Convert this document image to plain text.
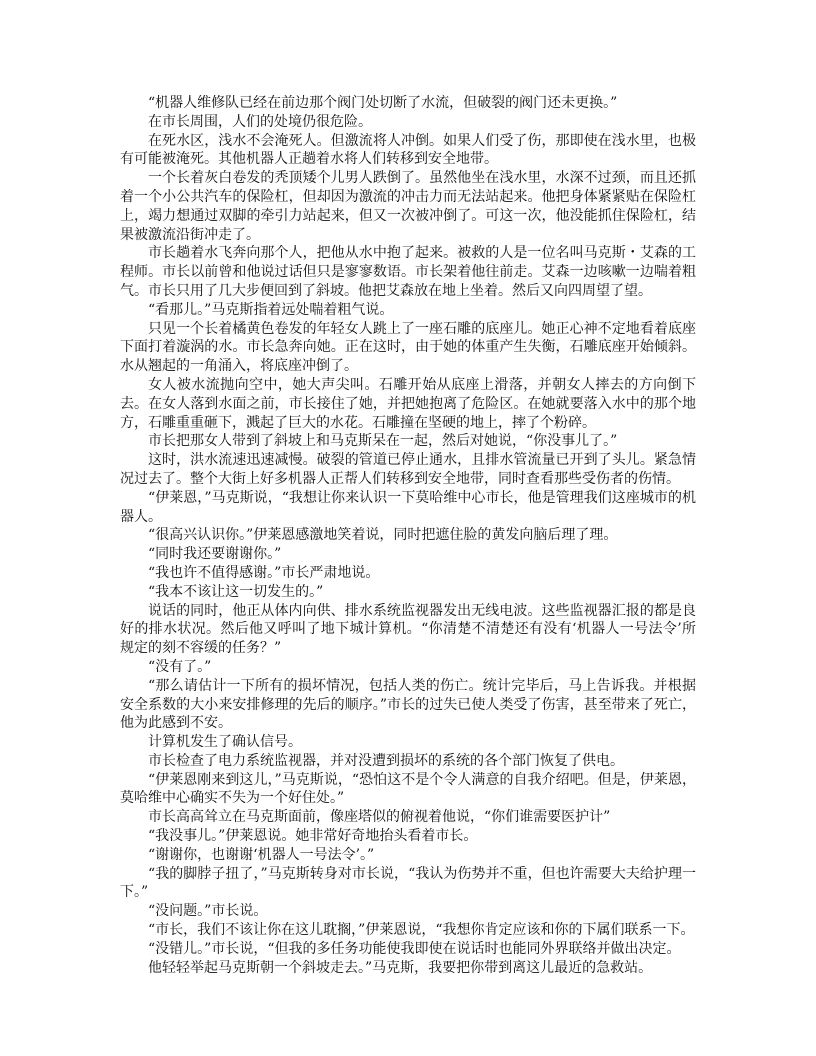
“机器人维修队已经在前边那个阀门处切断了水流，但破裂的阀门还未更换。”

在市长周围，人们的处境仍很危险。

在死水区，浅水不会淹死人。但激流将人冲倒。如果人们受了伤，那即使在浅水里，也极有可能被淹死。其他机器人正趟着水将人们转移到安全地带。

一个长着灰白卷发的秃顶矮个儿男人跌倒了。虽然他坐在浅水里，水深不过颈，而且还抓着一个小公共汽车的保险杠，但却因为激流的冲击力而无法站起来。他把身体紧紧贴在保险杠上，竭力想通过双脚的牵引力站起来，但又一次被冲倒了。可这一次，他没能抓住保险杠，结果被激流沿街冲走了。

市长趟着水飞奔向那个人，把他从水中抱了起来。被救的人是一位名叫马克斯・艾森的工程师。市长以前曾和他说过话但只是寥寥数语。市长架着他往前走。艾森一边咳嗽一边喘着粗气。市长只用了几大步便回到了斜坡。他把艾森放在地上坐着。然后又向四周望了望。

“看那儿。”马克斯指着远处喘着粗气说。

只见一个长着橘黄色卷发的年轻女人跳上了一座石雕的底座儿。她正心神不定地看着底座下面打着漩涡的水。市长急奔向她。正在这时，由于她的体重产生失衡，石雕底座开始倾斜。水从翘起的一角涌入，将底座冲倒了。

女人被水流抛向空中，她大声尖叫。石雕开始从底座上滑落，并朝女人摔去的方向倒下去。在女人落到水面之前，市长接住了她，并把她抱离了危险区。在她就要落入水中的那个地方，石雕重重砸下，溅起了巨大的水花。石雕撞在坚硬的地上，摔了个粉碎。

市长把那女人带到了斜坡上和马克斯呆在一起，然后对她说，“你没事儿了。”

这时，洪水流速迅速减慢。破裂的管道已停止通水，且排水管流量已开到了头儿。紧急情况过去了。整个大街上好多机器人正帮人们转移到安全地带，同时查看那些受伤者的伤情。

“伊莱恩，”马克斯说，“我想让你来认识一下莫哈维中心市长，他是管理我们这座城市的机器人。

“很高兴认识你。”伊莱恩感激地笑着说，同时把遮住脸的黄发向脑后理了理。

“同时我还要谢谢你。”

“我也许不值得感谢。”市长严肃地说。

“我本不该让这一切发生的。”

说话的同时，他正从体内向供、排水系统监视器发出无线电波。这些监视器汇报的都是良好的排水状况。然后他又呼叫了地下城计算机。“你清楚不清楚还有没有‘机器人一号法令’所规定的刻不容缓的任务？”

“没有了。”

“那么请估计一下所有的损坏情况，包括人类的伤亡。统计完毕后，马上告诉我。并根据安全系数的大小来安排修理的先后的顺序。”市长的过失已使人类受了伤害，甚至带来了死亡，他为此感到不安。

计算机发生了确认信号。

市长检查了电力系统监视器，并对没遭到损坏的系统的各个部门恢复了供电。

“伊莱恩刚来到这儿，”马克斯说，“恐怕这不是个令人满意的自我介绍吧。但是，伊莱恩，莫哈维中心确实不失为一个好住处。”

市长高高耸立在马克斯面前，像座塔似的俯视着他说，“你们谁需要医护计”

“我没事儿。”伊莱恩说。她非常好奇地抬头看着市长。

“谢谢你，也谢谢‘机器人一号法令’。”

“我的脚脖子扭了，”马克斯转身对市长说，“我认为伤势并不重，但也许需要大夫给护理一下。”

“没问题。”市长说。

“市长，我们不该让你在这儿耽搁，”伊莱恩说，“我想你肯定应该和你的下属们联系一下。

“没错儿。”市长说，“但我的多任务功能使我即使在说话时也能同外界联络并做出决定。

他轻轻举起马克斯朝一个斜坡走去。”马克斯，我要把你带到离这儿最近的急救站。
